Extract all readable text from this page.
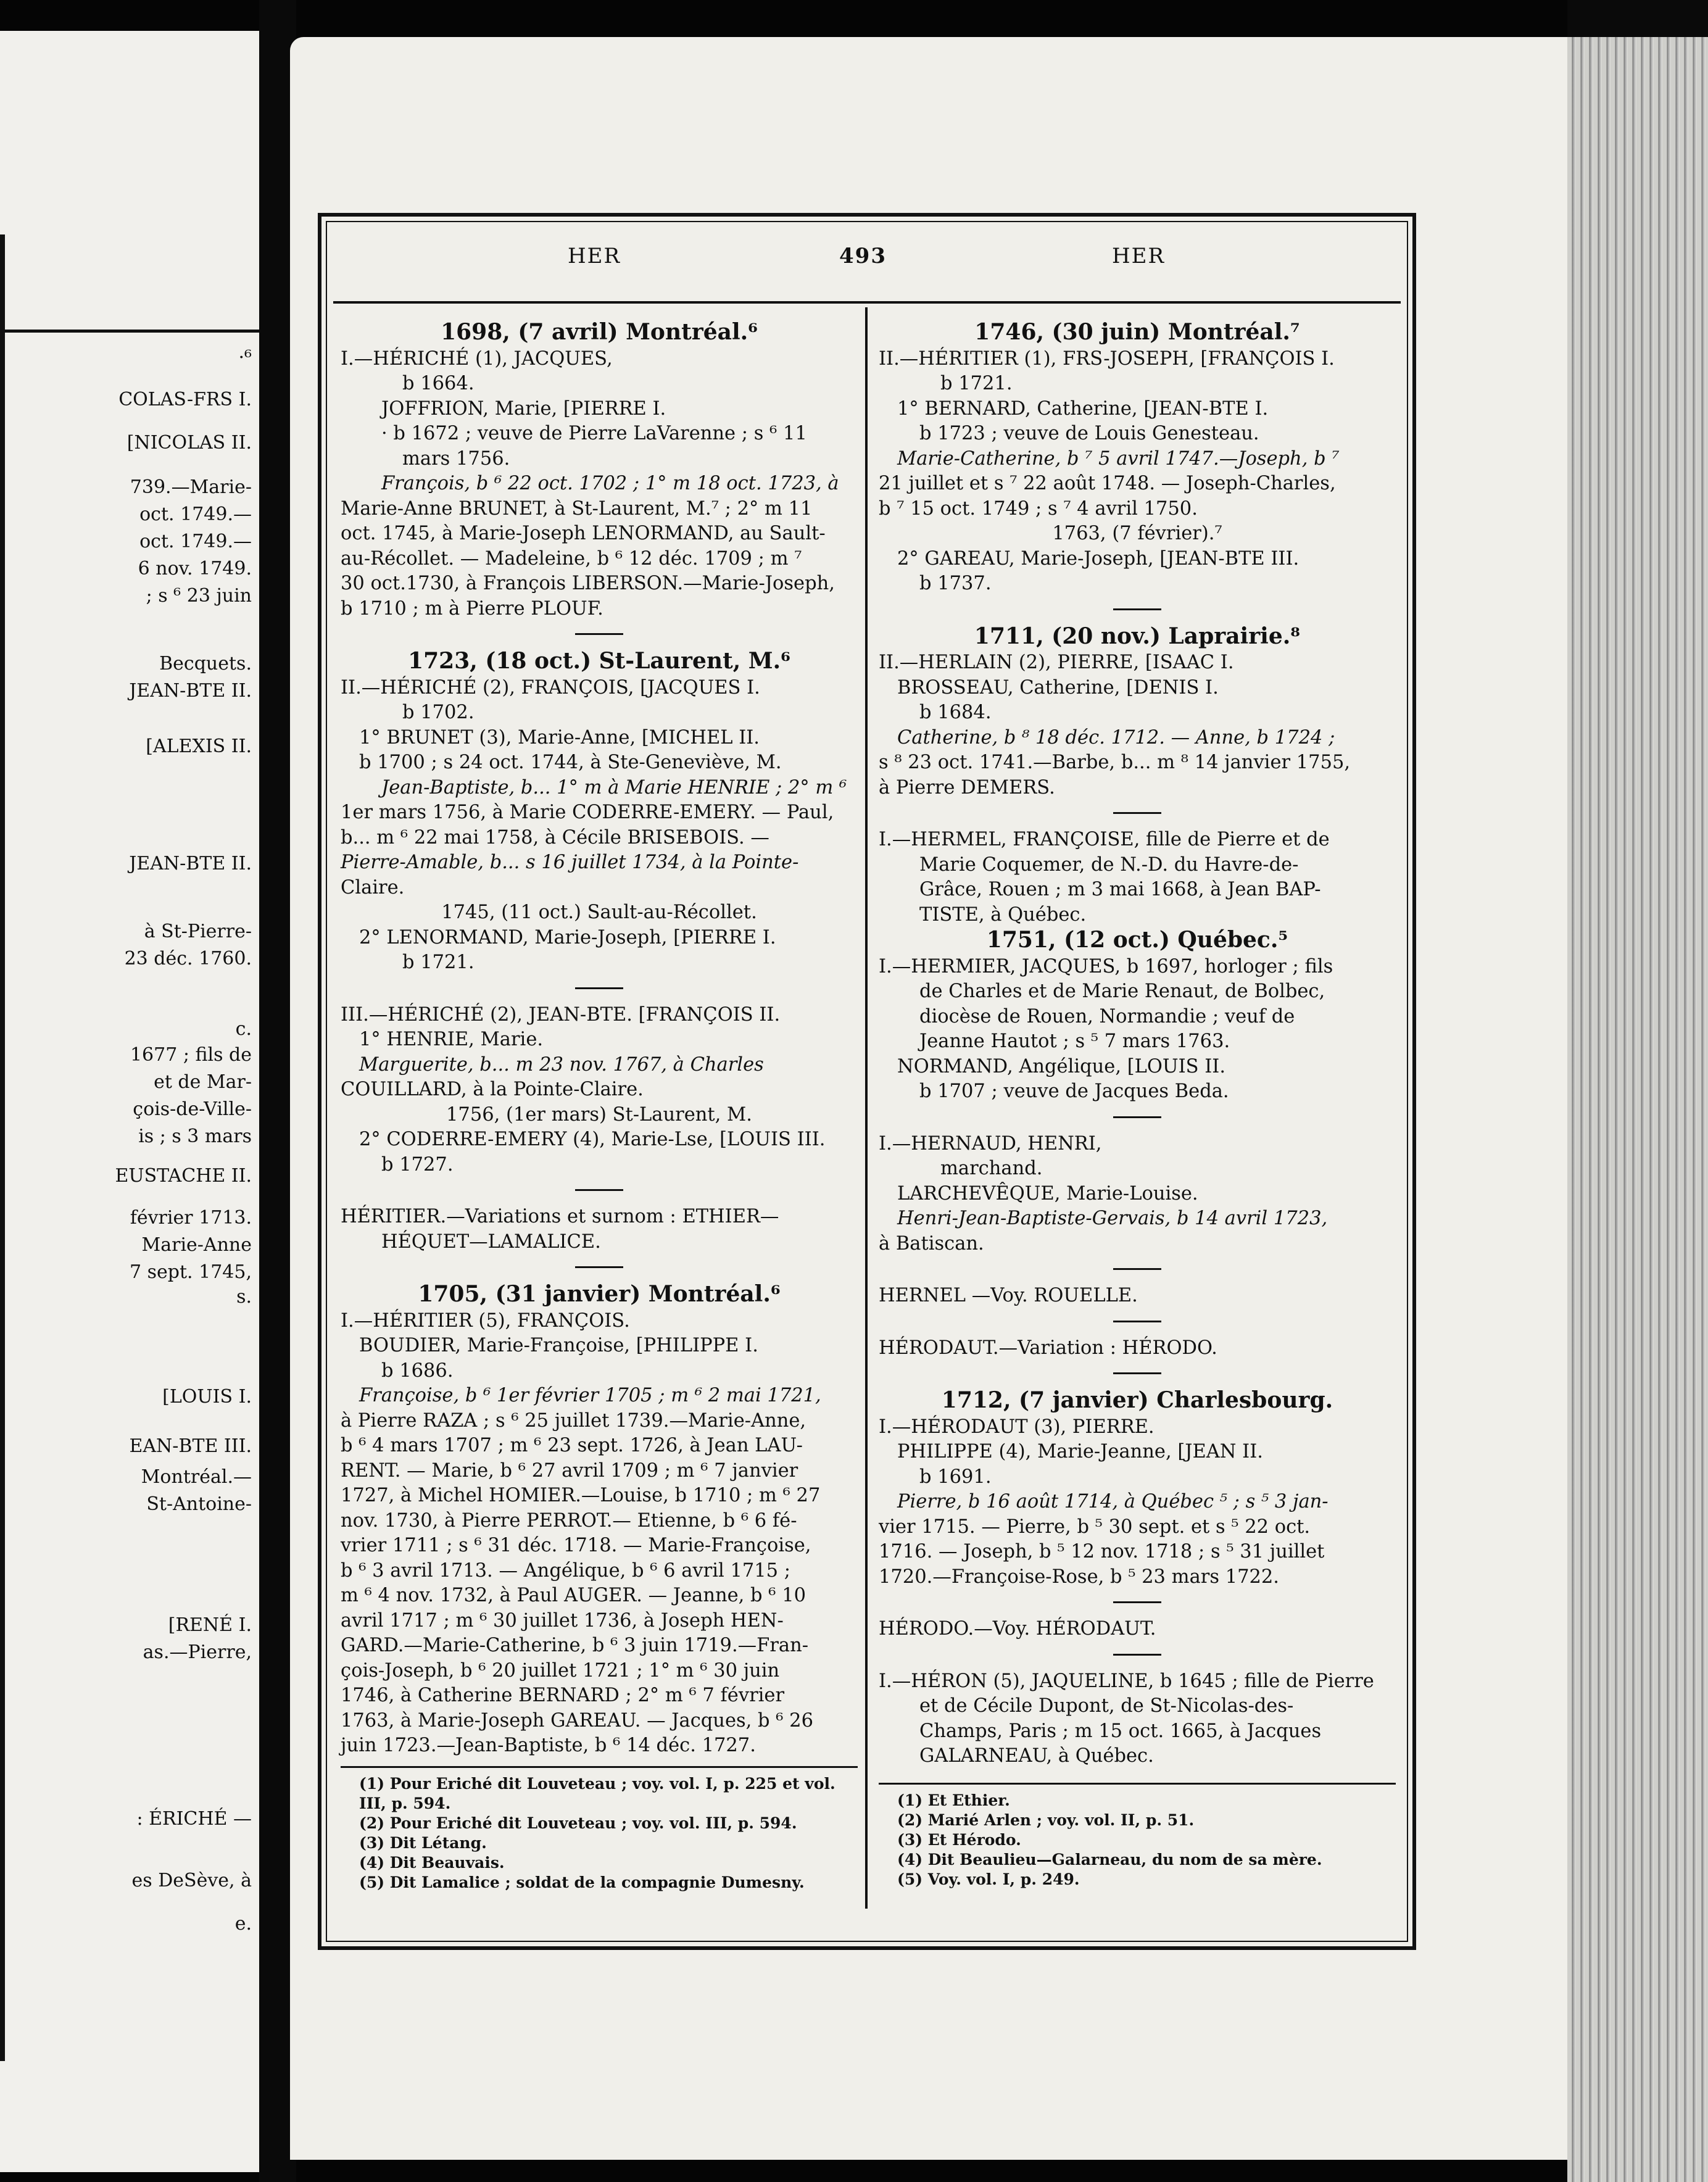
·⁶
COLAS-FRS I.
[NICOLAS II.
739.—Marie-
oct. 1749.—
oct. 1749.—
6 nov. 1749.
; s ⁶ 23 juin
Becquets.
JEAN-BTE II.
[ALEXIS II.
JEAN-BTE II.
à St-Pierre-
23 déc. 1760.
c.
1677 ; fils de
et de Mar-
çois-de-Ville-
is ; s 3 mars
EUSTACHE II.
février 1713.
Marie-Anne
7 sept. 1745,
s.
[LOUIS I.
EAN-BTE III.
Montréal.—
St-Antoine-
[RENÉ I.
as.—Pierre,
: ÉRICHÉ —
es DeSève, à
e.
HER	493	HER

1698, (7 avril) Montréal.⁶

I.—HÉRICHÉ (1), JACQUES,

b 1664.

JOFFRION, Marie, [PIERRE I.

· b 1672 ; veuve de Pierre LaVarenne ; s ⁶ 11

mars 1756.

François, b ⁶ 22 oct. 1702 ; 1° m 18 oct. 1723, à

Marie-Anne BRUNET, à St-Laurent, M.⁷ ; 2° m 11

oct. 1745, à Marie-Joseph LENORMAND, au Sault-

au-Récollet. — Madeleine, b ⁶ 12 déc. 1709 ; m ⁷

30 oct.1730, à François LIBERSON.—Marie-Joseph,

b 1710 ; m à Pierre PLOUF.

1723, (18 oct.) St-Laurent, M.⁶

II.—HÉRICHÉ (2), FRANÇOIS, [JACQUES I.

b 1702.

1° BRUNET (3), Marie-Anne, [MICHEL II.

b 1700 ; s 24 oct. 1744, à Ste-Geneviève, M.

Jean-Baptiste, b... 1° m à Marie HENRIE ; 2° m ⁶

1er mars 1756, à Marie CODERRE-EMERY. — Paul,

b... m ⁶ 22 mai 1758, à Cécile BRISEBOIS. —

Pierre-Amable, b... s 16 juillet 1734, à la Pointe-

Claire.

1745, (11 oct.) Sault-au-Récollet.

2° LENORMAND, Marie-Joseph, [PIERRE I.

b 1721.

III.—HÉRICHÉ (2), JEAN-BTE. [FRANÇOIS II.

1° HENRIE, Marie.

Marguerite, b... m 23 nov. 1767, à Charles

COUILLARD, à la Pointe-Claire.

1756, (1er mars) St-Laurent, M.

2° CODERRE-EMERY (4), Marie-Lse, [LOUIS III.

b 1727.

HÉRITIER.—Variations et surnom : ETHIER—

HÉQUET—LAMALICE.

1705, (31 janvier) Montréal.⁶

I.—HÉRITIER (5), FRANÇOIS.

BOUDIER, Marie-Françoise, [PHILIPPE I.

b 1686.

Françoise, b ⁶ 1er février 1705 ; m ⁶ 2 mai 1721,

à Pierre RAZA ; s ⁶ 25 juillet 1739.—Marie-Anne,

b ⁶ 4 mars 1707 ; m ⁶ 23 sept. 1726, à Jean LAU-

RENT. — Marie, b ⁶ 27 avril 1709 ; m ⁶ 7 janvier

1727, à Michel HOMIER.—Louise, b 1710 ; m ⁶ 27

nov. 1730, à Pierre PERROT.— Etienne, b ⁶ 6 fé-

vrier 1711 ; s ⁶ 31 déc. 1718. — Marie-Françoise,

b ⁶ 3 avril 1713. — Angélique, b ⁶ 6 avril 1715 ;

m ⁶ 4 nov. 1732, à Paul AUGER. — Jeanne, b ⁶ 10

avril 1717 ; m ⁶ 30 juillet 1736, à Joseph HEN-

GARD.—Marie-Catherine, b ⁶ 3 juin 1719.—Fran-

çois-Joseph, b ⁶ 20 juillet 1721 ; 1° m ⁶ 30 juin

1746, à Catherine BERNARD ; 2° m ⁶ 7 février

1763, à Marie-Joseph GAREAU. — Jacques, b ⁶ 26

juin 1723.—Jean-Baptiste, b ⁶ 14 déc. 1727.

(1) Pour Eriché dit Louveteau ; voy. vol. I, p. 225 et vol.

III, p. 594.

(2) Pour Eriché dit Louveteau ; voy. vol. III, p. 594.

(3) Dit Létang.

(4) Dit Beauvais.

(5) Dit Lamalice ; soldat de la compagnie Dumesny.

1746, (30 juin) Montréal.⁷

II.—HÉRITIER (1), FRS-JOSEPH, [FRANÇOIS I.

b 1721.

1° BERNARD, Catherine, [JEAN-BTE I.

b 1723 ; veuve de Louis Genesteau.

Marie-Catherine, b ⁷ 5 avril 1747.—Joseph, b ⁷

21 juillet et s ⁷ 22 août 1748. — Joseph-Charles,

b ⁷ 15 oct. 1749 ; s ⁷ 4 avril 1750.

1763, (7 février).⁷

2° GAREAU, Marie-Joseph, [JEAN-BTE III.

b 1737.

1711, (20 nov.) Laprairie.⁸

II.—HERLAIN (2), PIERRE, [ISAAC I.

BROSSEAU, Catherine, [DENIS I.

b 1684.

Catherine, b ⁸ 18 déc. 1712. — Anne, b 1724 ;

s ⁸ 23 oct. 1741.—Barbe, b... m ⁸ 14 janvier 1755,

à Pierre DEMERS.

I.—HERMEL, FRANÇOISE, fille de Pierre et de

Marie Coquemer, de N.-D. du Havre-de-

Grâce, Rouen ; m 3 mai 1668, à Jean BAP-

TISTE, à Québec.

1751, (12 oct.) Québec.⁵

I.—HERMIER, JACQUES, b 1697, horloger ; fils

de Charles et de Marie Renaut, de Bolbec,

diocèse de Rouen, Normandie ; veuf de

Jeanne Hautot ; s ⁵ 7 mars 1763.

NORMAND, Angélique, [LOUIS II.

b 1707 ; veuve de Jacques Beda.

I.—HERNAUD, HENRI,

marchand.

LARCHEVÊQUE, Marie-Louise.

Henri-Jean-Baptiste-Gervais, b 14 avril 1723,

à Batiscan.

HERNEL —Voy. ROUELLE.

HÉRODAUT.—Variation : HÉRODO.

1712, (7 janvier) Charlesbourg.

I.—HÉRODAUT (3), PIERRE.

PHILIPPE (4), Marie-Jeanne, [JEAN II.

b 1691.

Pierre, b 16 août 1714, à Québec ⁵ ; s ⁵ 3 jan-

vier 1715. — Pierre, b ⁵ 30 sept. et s ⁵ 22 oct.

1716. — Joseph, b ⁵ 12 nov. 1718 ; s ⁵ 31 juillet

1720.—Françoise-Rose, b ⁵ 23 mars 1722.

HÉRODO.—Voy. HÉRODAUT.

I.—HÉRON (5), JAQUELINE, b 1645 ; fille de Pierre

et de Cécile Dupont, de St-Nicolas-des-

Champs, Paris ; m 15 oct. 1665, à Jacques

GALARNEAU, à Québec.

(1) Et Ethier.

(2) Marié Arlen ; voy. vol. II, p. 51.

(3) Et Hérodo.

(4) Dit Beaulieu—Galarneau, du nom de sa mère.

(5) Voy. vol. I, p. 249.
